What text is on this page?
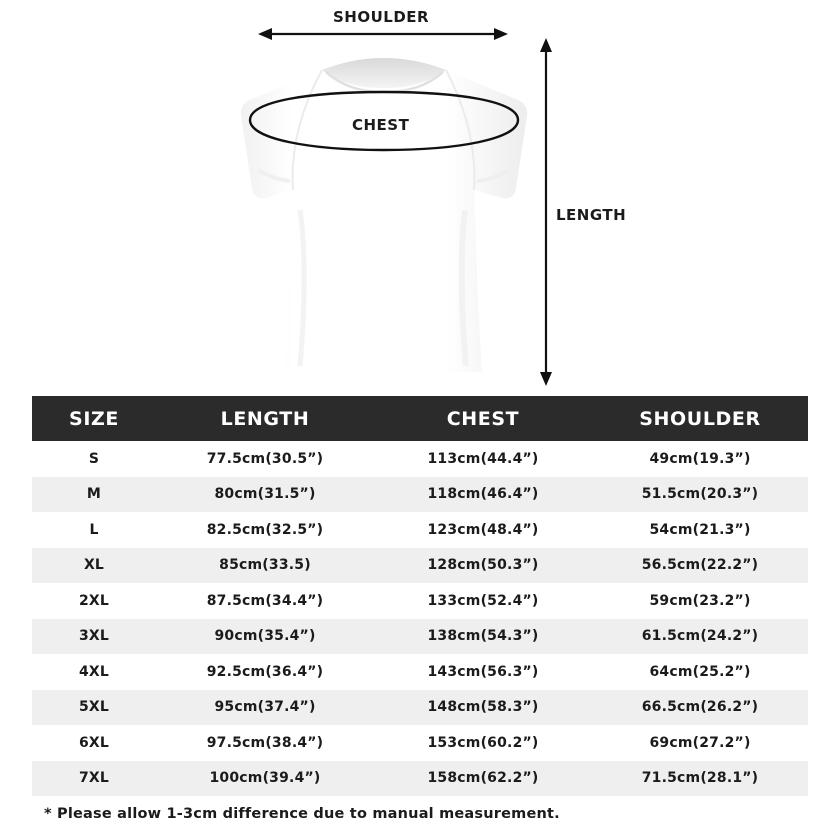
SHOULDER
CHEST
LENGTH
SIZE	LENGTH	CHEST	SHOULDER
S	77.5cm(30.5”)	113cm(44.4”)	49cm(19.3”)
M	80cm(31.5”)	118cm(46.4”)	51.5cm(20.3”)
L	82.5cm(32.5”)	123cm(48.4”)	54cm(21.3”)
XL	85cm(33.5)	128cm(50.3”)	56.5cm(22.2”)
2XL	87.5cm(34.4”)	133cm(52.4”)	59cm(23.2”)
3XL	90cm(35.4”)	138cm(54.3”)	61.5cm(24.2”)
4XL	92.5cm(36.4”)	143cm(56.3”)	64cm(25.2”)
5XL	95cm(37.4”)	148cm(58.3”)	66.5cm(26.2”)
6XL	97.5cm(38.4”)	153cm(60.2”)	69cm(27.2”)
7XL	100cm(39.4”)	158cm(62.2”)	71.5cm(28.1”)
* Please allow 1-3cm difference due to manual measurement.
